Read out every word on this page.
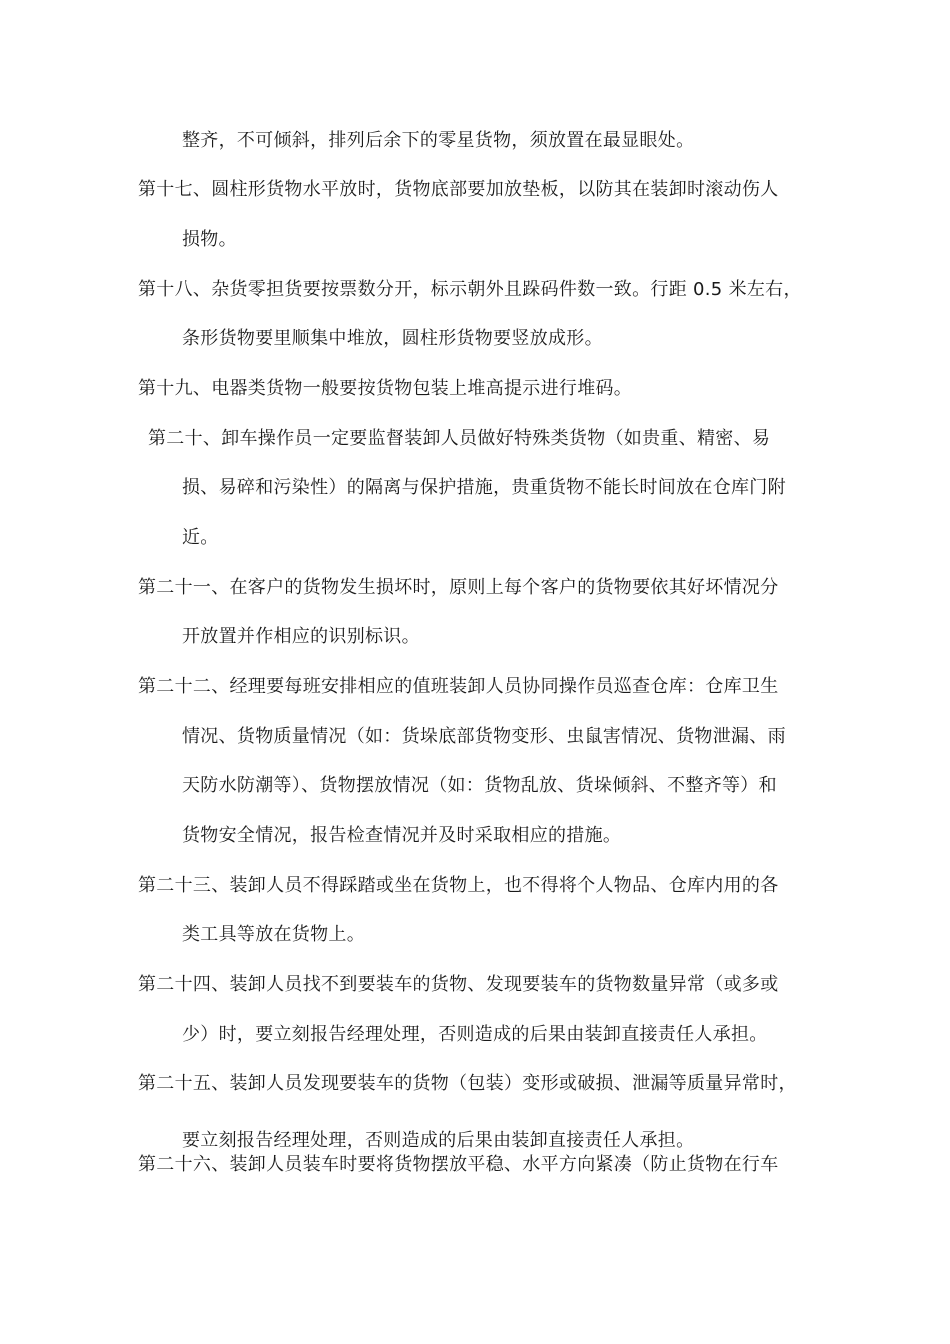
整齐，不可倾斜，排列后余下的零星货物，须放置在最显眼处。
第十七、圆柱形货物水平放时，货物底部要加放垫板，以防其在装卸时滚动伤人
损物。
第十八、杂货零担货要按票数分开，标示朝外且跺码件数一致。行距 0.5 米左右，
条形货物要里顺集中堆放，圆柱形货物要竖放成形。
第十九、电器类货物一般要按货物包装上堆高提示进行堆码。
第二十、卸车操作员一定要监督装卸人员做好特殊类货物（如贵重、精密、易
损、易碎和污染性）的隔离与保护措施，贵重货物不能长时间放在仓库门附
近。
第二十一、在客户的货物发生损坏时，原则上每个客户的货物要依其好坏情况分
开放置并作相应的识别标识。
第二十二、经理要每班安排相应的值班装卸人员协同操作员巡查仓库：仓库卫生
情况、货物质量情况（如：货垛底部货物变形、虫鼠害情况、货物泄漏、雨
天防水防潮等）、货物摆放情况（如：货物乱放、货垛倾斜、不整齐等）和
货物安全情况，报告检查情况并及时采取相应的措施。
第二十三、装卸人员不得踩踏或坐在货物上，也不得将个人物品、仓库内用的各
类工具等放在货物上。
第二十四、装卸人员找不到要装车的货物、发现要装车的货物数量异常（或多或
少）时，要立刻报告经理处理，否则造成的后果由装卸直接责任人承担。
第二十五、装卸人员发现要装车的货物（包装）变形或破损、泄漏等质量异常时，
要立刻报告经理处理，否则造成的后果由装卸直接责任人承担。
第二十六、装卸人员装车时要将货物摆放平稳、水平方向紧凑（防止货物在行车
